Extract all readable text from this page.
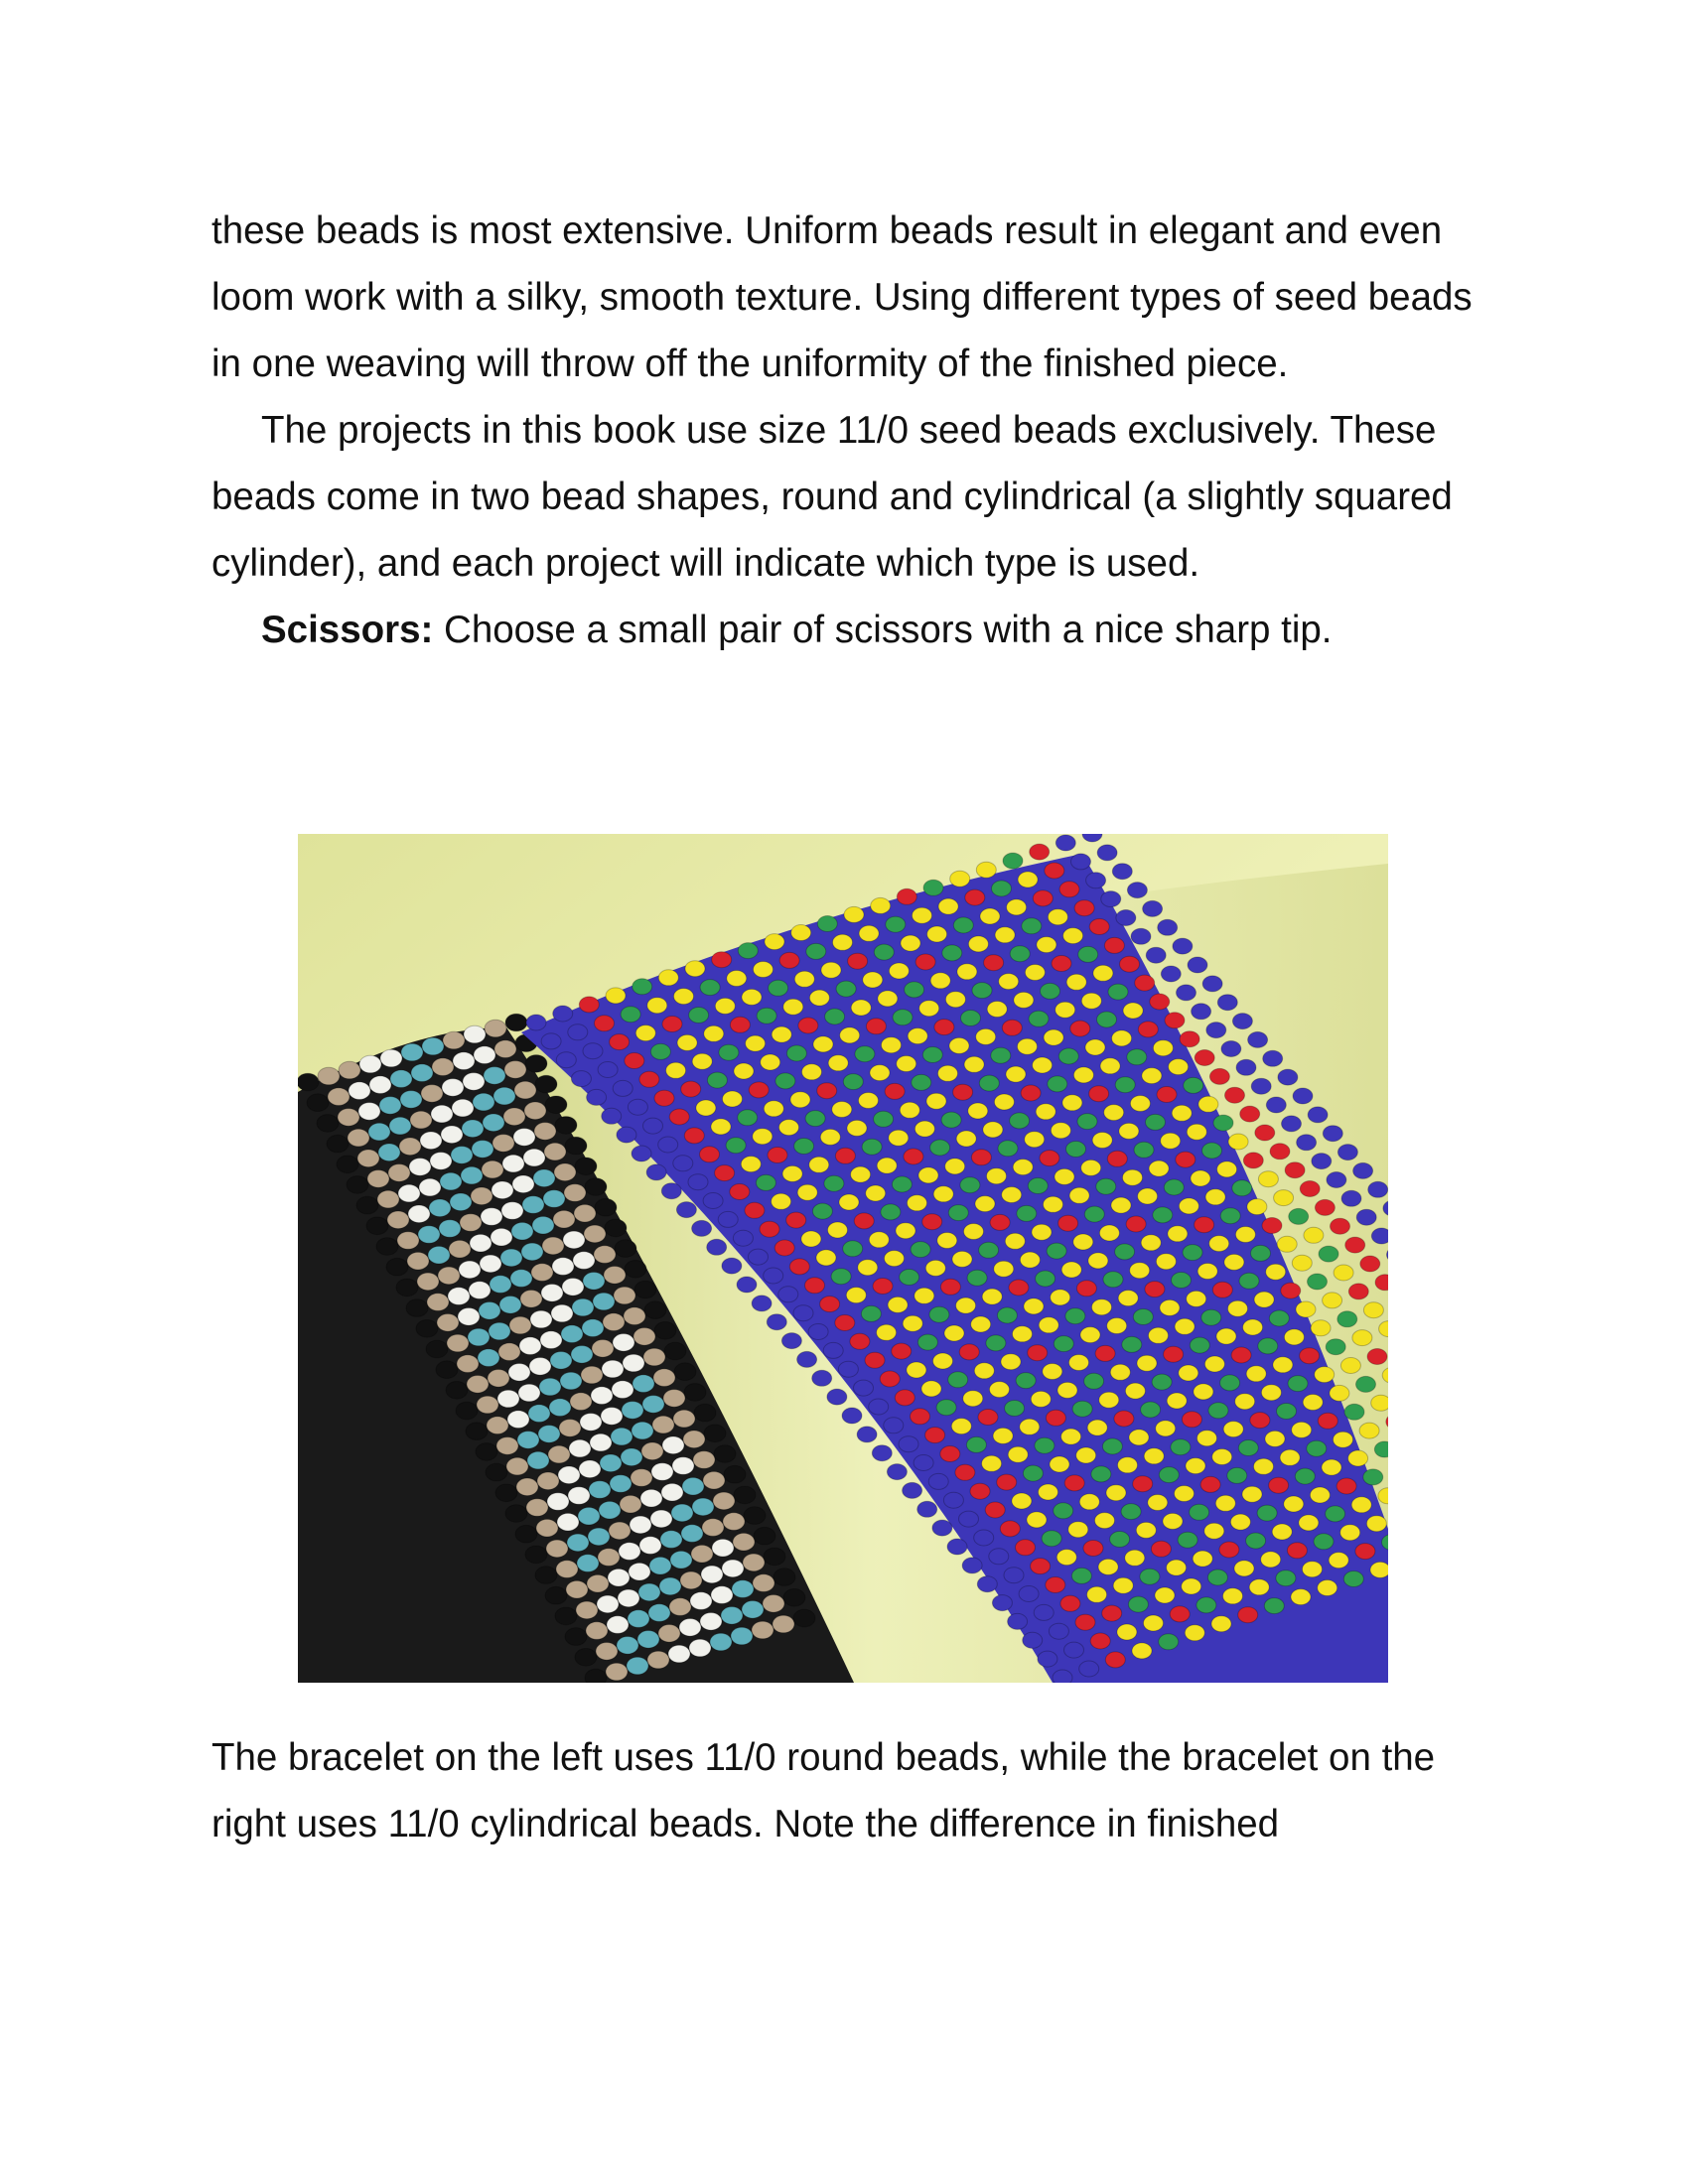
these beads is most extensive. Uniform beads result in elegant and even loom work with a silky, smooth texture. Using different types of seed beads in one weaving will throw off the uniformity of the finished piece.

The projects in this book use size 11/0 seed beads exclusively. These beads come in two bead shapes, round and cylindrical (a slightly squared cylinder), and each project will indicate which type is used.

Scissors: Choose a small pair of scissors with a nice sharp tip.

The bracelet on the left uses 11/0 round beads, while the bracelet on the right uses 11/0 cylindrical beads. Note the difference in finished
